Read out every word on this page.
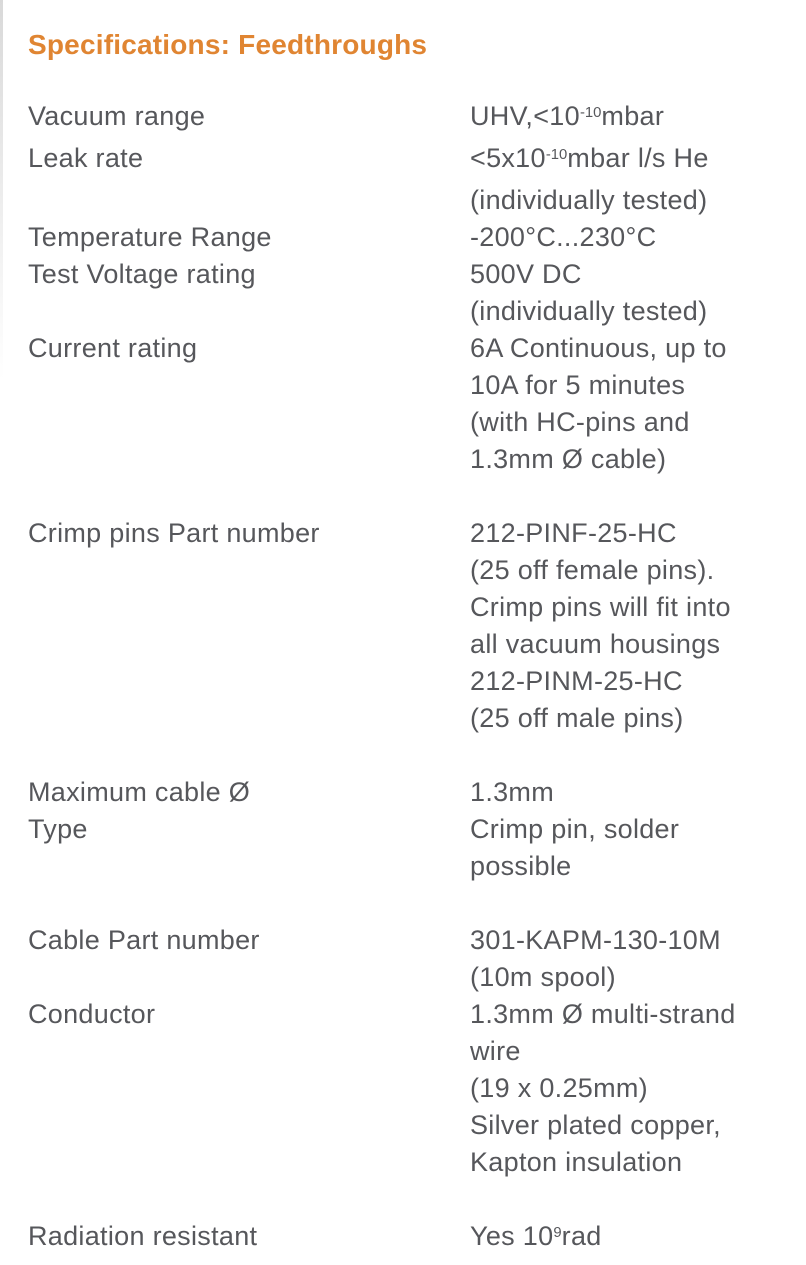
Specifications: Feedthroughs
Vacuum range	$UHV,<10^{-10}mbar$
Leak rate	$<5x10^{-10}mbar$ l/s He
(individually tested)
Temperature Range	-200°C...230°C
Test Voltage rating	500V DC
(individually tested)
Current rating	6A Continuous, up to
10A for 5 minutes
(with HC-pins and
1.3mm Ø cable)
Crimp pins Part number	212-PINF-25-HC
(25 off female pins).
Crimp pins will fit into
all vacuum housings
212-PINM-25-HC
(25 off male pins)
Maximum cable Ø	1.3mm
Type	Crimp pin, solder
possible
Cable Part number	301-KAPM-130-10M
(10m spool)
Conductor	1.3mm Ø multi-strand
wire
(19 x 0.25mm)
Silver plated copper,
Kapton insulation
Radiation resistant	Yes $10^9rad$
